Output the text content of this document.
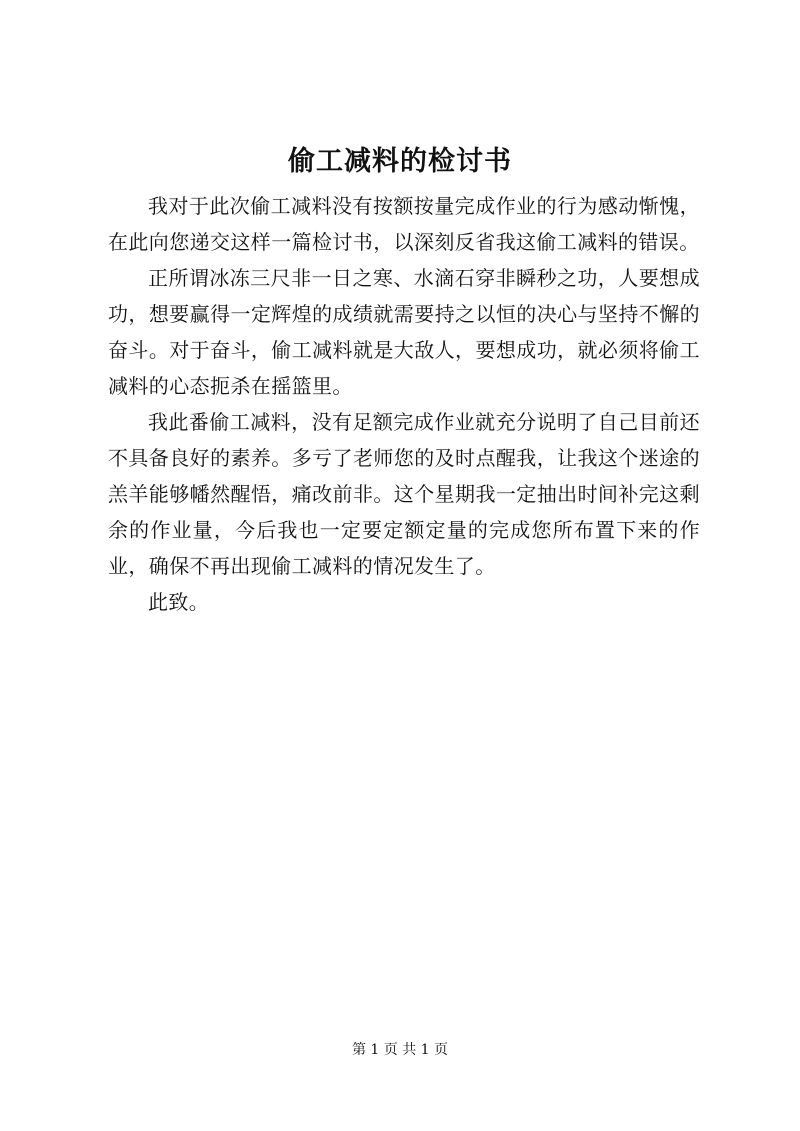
偷工减料的检讨书

我对于此次偷工减料没有按额按量完成作业的行为感动惭愧，在此向您递交这样一篇检讨书，以深刻反省我这偷工减料的错误。

正所谓冰冻三尺非一日之寒、水滴石穿非瞬秒之功，人要想成功，想要赢得一定辉煌的成绩就需要持之以恒的决心与坚持不懈的奋斗。对于奋斗，偷工减料就是大敌人，要想成功，就必须将偷工减料的心态扼杀在摇篮里。

我此番偷工减料，没有足额完成作业就充分说明了自己目前还不具备良好的素养。多亏了老师您的及时点醒我，让我这个迷途的羔羊能够幡然醒悟，痛改前非。这个星期我一定抽出时间补完这剩余的作业量，今后我也一定要定额定量的完成您所布置下来的作业，确保不再出现偷工减料的情况发生了。

此致。

第 1 页 共 1 页
